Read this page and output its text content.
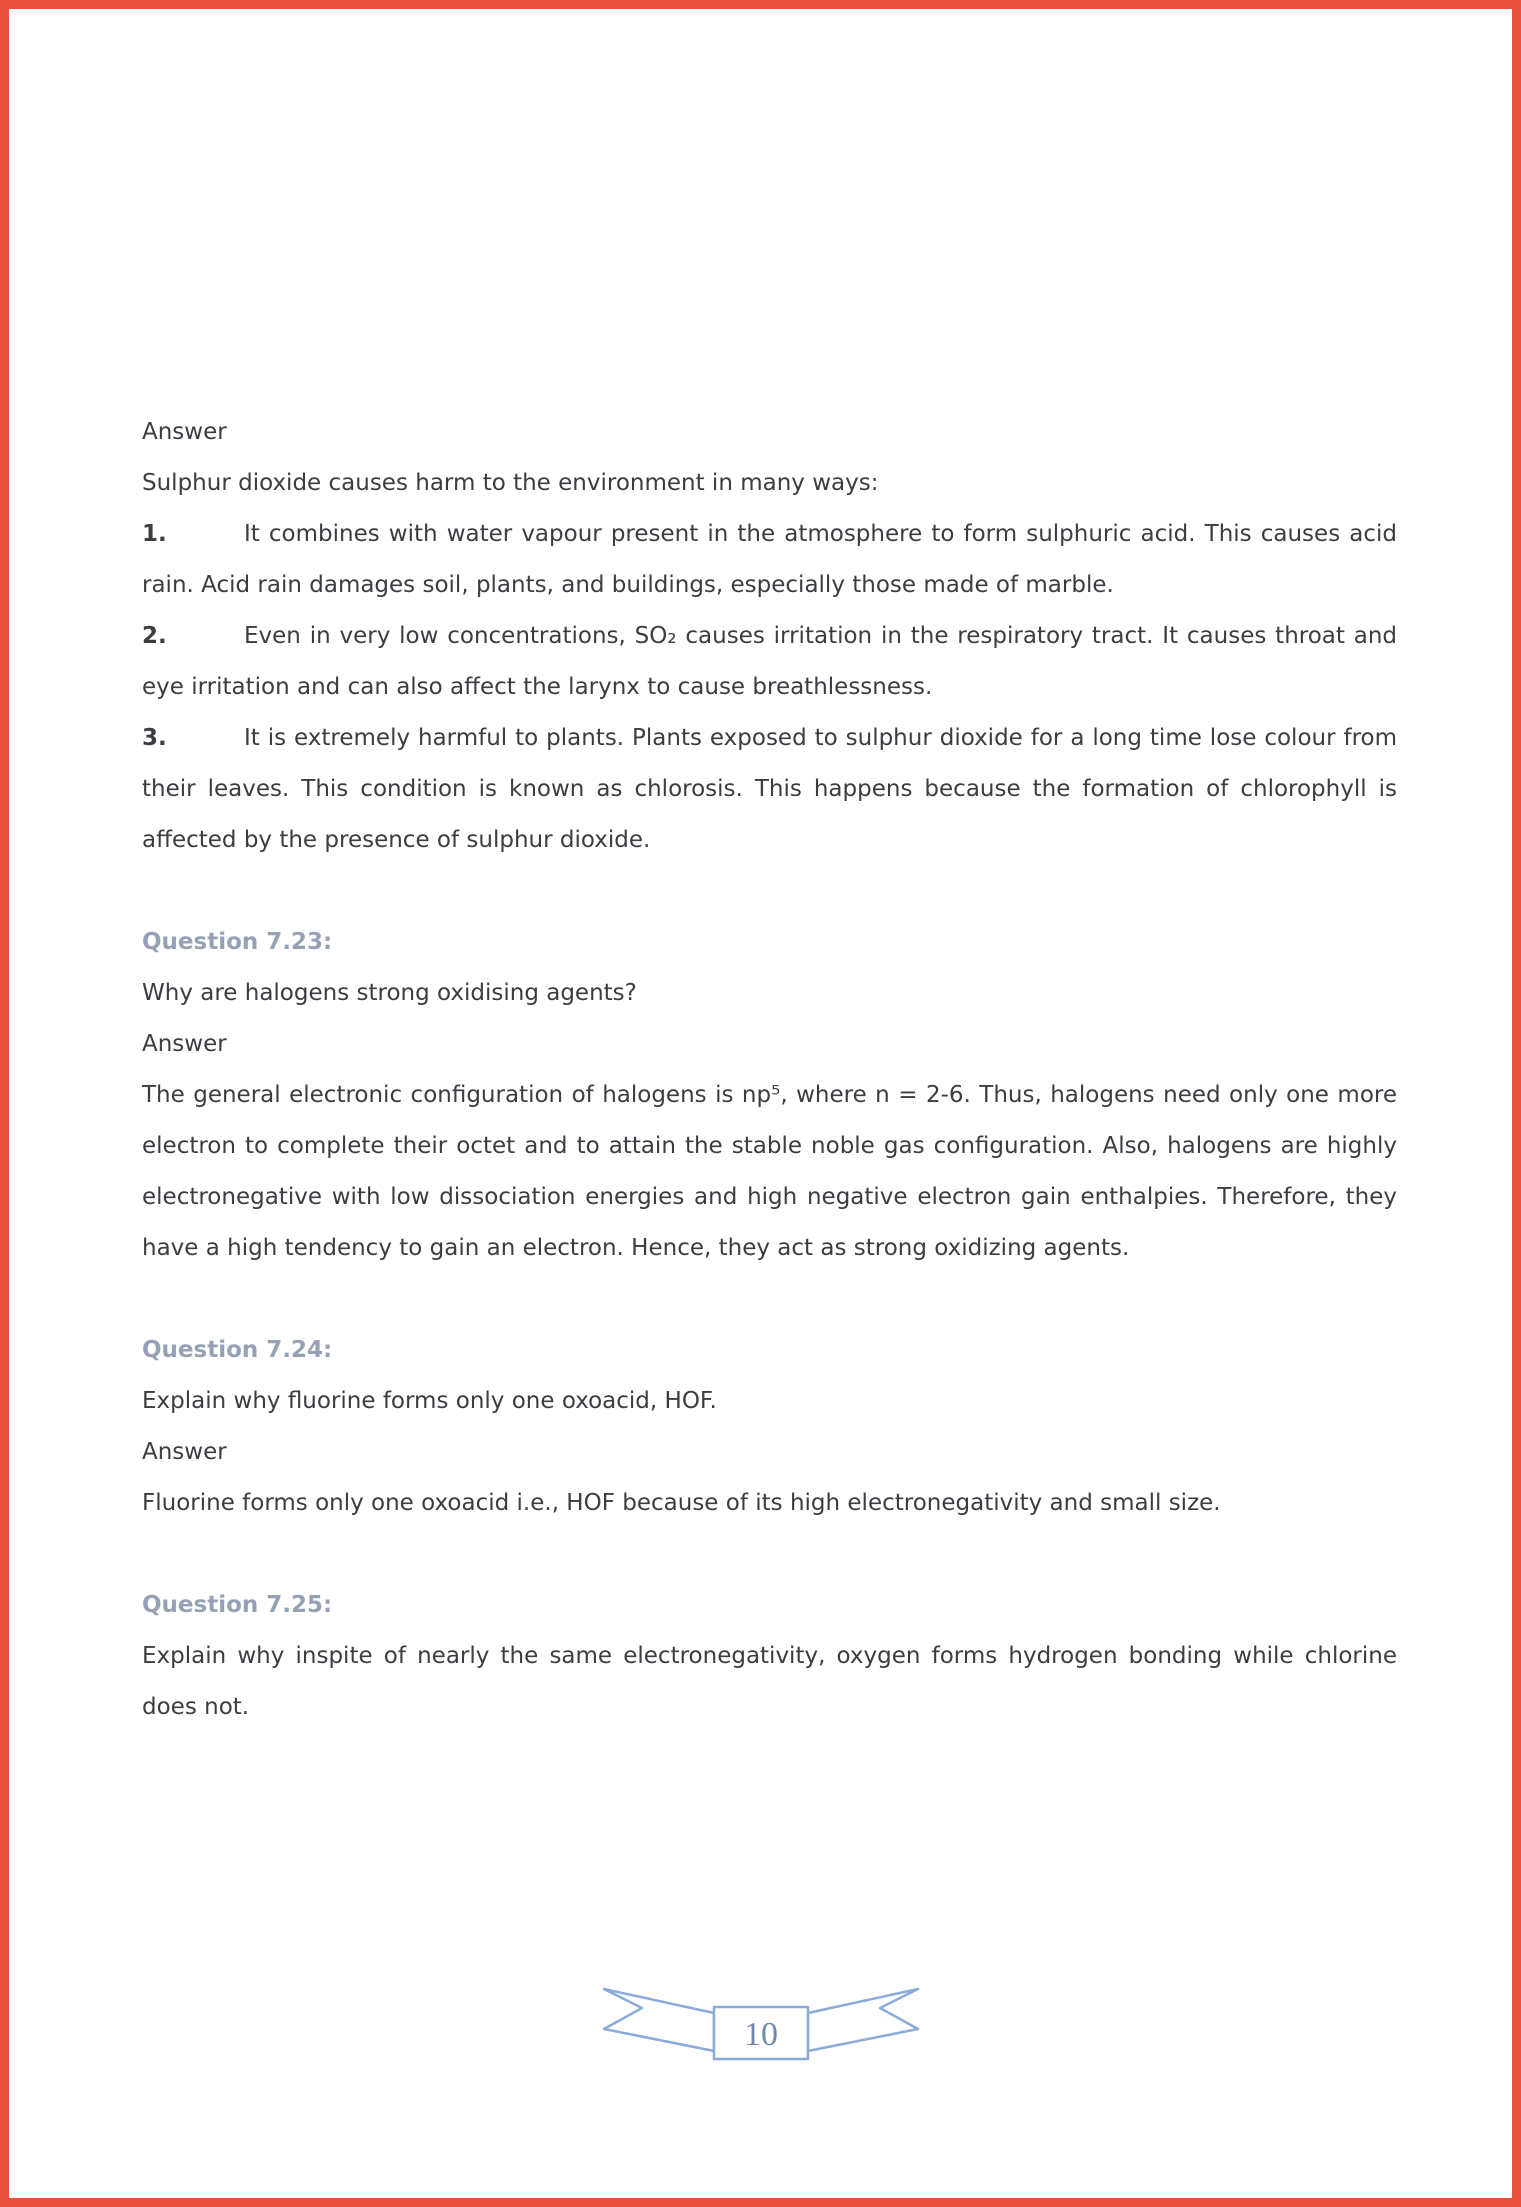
Answer

Sulphur dioxide causes harm to the environment in many ways:

1.	It combines with water vapour present in the atmosphere to form sulphuric acid. This causes acid rain. Acid rain damages soil, plants, and buildings, especially those made of marble.

2.	Even in very low concentrations, SO₂ causes irritation in the respiratory tract. It causes throat and eye irritation and can also affect the larynx to cause breathlessness.

3.	It is extremely harmful to plants. Plants exposed to sulphur dioxide for a long time lose colour from their leaves. This condition is known as chlorosis. This happens because the formation of chlorophyll is affected by the presence of sulphur dioxide.

Question 7.23:

Why are halogens strong oxidising agents?

Answer

The general electronic configuration of halogens is np⁵, where n = 2-6. Thus, halogens need only one more electron to complete their octet and to attain the stable noble gas configuration. Also, halogens are highly electronegative with low dissociation energies and high negative electron gain enthalpies. Therefore, they have a high tendency to gain an electron. Hence, they act as strong oxidizing agents.

Question 7.24:

Explain why fluorine forms only one oxoacid, HOF.

Answer

Fluorine forms only one oxoacid i.e., HOF because of its high electronegativity and small size.

Question 7.25:

Explain why inspite of nearly the same electronegativity, oxygen forms hydrogen bonding while chlorine does not.

10
